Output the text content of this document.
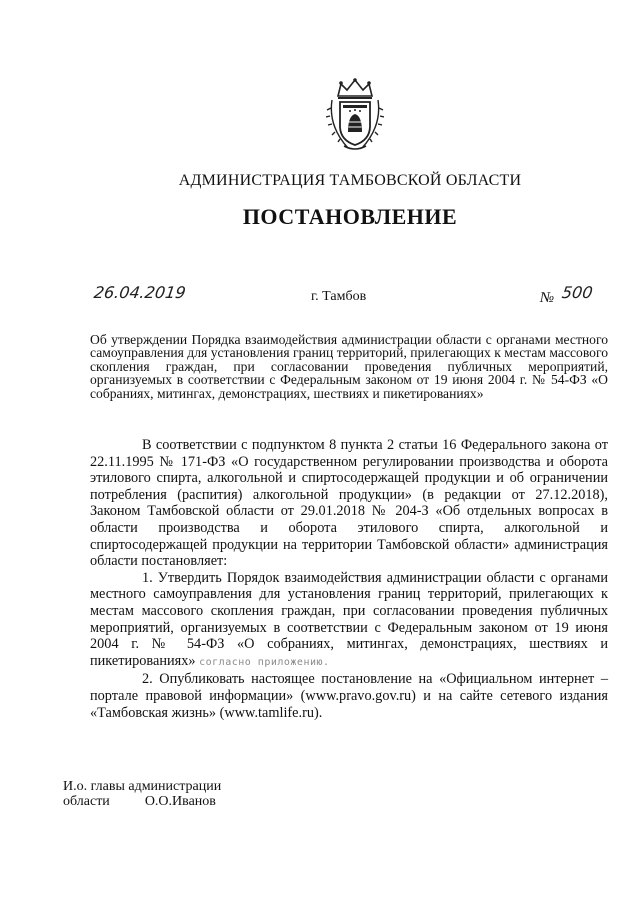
АДМИНИСТРАЦИЯ ТАМБОВСКОЙ ОБЛАСТИ
ПОСТАНОВЛЕНИЕ
26.04.2019	г. Тамбов	№ 500

Об утверждении Порядка взаимодействия администрации области с органами местного самоуправления для установления границ территорий, прилегающих к местам массового скопления граждан, при согласовании проведения публичных мероприятий, организуемых в соответствии с Федеральным законом от 19 июня 2004 г. № 54-ФЗ «О собраниях, митингах, демонстрациях, шествиях и пикетированиях»

В соответствии с подпунктом 8 пункта 2 статьи 16 Федерального закона от 22.11.1995 № 171-ФЗ «О государственном регулировании производства и оборота этилового спирта, алкогольной и спиртосодержащей продукции и об ограничении потребления (распития) алкогольной продукции» (в редакции от 27.12.2018), Законом Тамбовской области от 29.01.2018 № 204-З «Об отдельных вопросах в области производства и оборота этилового спирта, алкогольной и спиртосодержащей продукции на территории Тамбовской области» администрация области постановляет:

1. Утвердить Порядок взаимодействия администрации области с органами местного самоуправления для установления границ территорий, прилегающих к местам массового скопления граждан, при согласовании проведения публичных мероприятий, организуемых в соответствии с Федеральным законом от 19 июня 2004 г. № 54-ФЗ «О собраниях, митингах, демонстрациях, шествиях и пикетированиях» согласно приложению.

2. Опубликовать настоящее постановление на «Официальном интернет – портале правовой информации» (www.pravo.gov.ru) и на сайте сетевого издания «Тамбовская жизнь» (www.tamlife.ru).

И.о. главы администрации
области	О.О.Иванов
